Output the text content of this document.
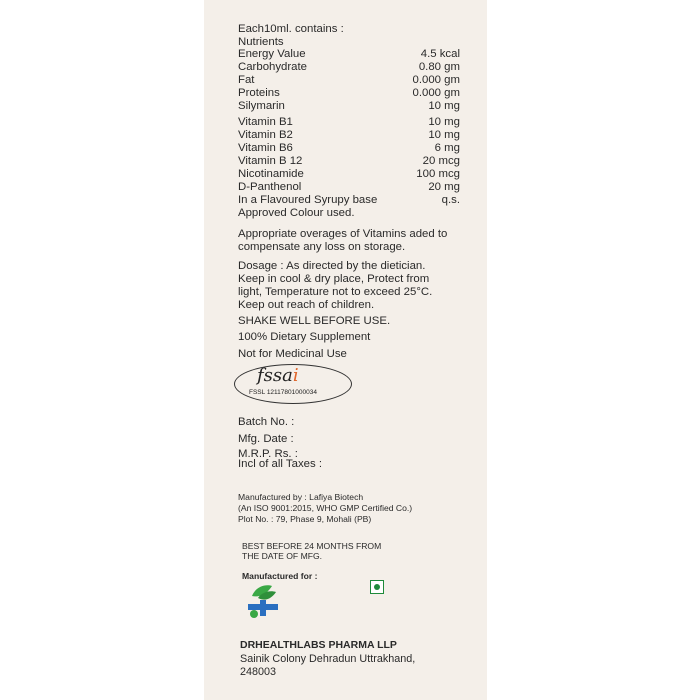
Each10ml. contains :
Nutrients
Energy Value	4.5 kcal
Carbohydrate	0.80 gm
Fat	0.000 gm
Proteins	0.000 gm
Silymarin	10 mg
Vitamin B1	10 mg
Vitamin B2	10 mg
Vitamin B6	6 mg
Vitamin B 12	20 mcg
Nicotinamide	100 mcg
D-Panthenol	20 mg
In a Flavoured Syrupy base	q.s.
Approved Colour used.
Appropriate overages of Vitamins aded to
compensate any loss on storage.
Dosage : As directed by the dietician.
Keep in cool & dry place, Protect from
light, Temperature not to exceed 25°C.
Keep out reach of children.
SHAKE WELL BEFORE USE.
100% Dietary Supplement
Not for Medicinal Use
Batch No. :
Mfg. Date :
M.R.P. Rs. :
Incl of all Taxes :
Manufactured by : Lafiya Biotech
(An ISO 9001:2015, WHO GMP Certified Co.)
Plot No. : 79, Phase 9, Mohali (PB)
BEST BEFORE 24 MONTHS FROM
THE DATE OF MFG.
Manufactured for :
DRHEALTHLABS PHARMA LLP
Sainik Colony Dehradun Uttrakhand,
248003
fssai
FSSL 12117801000034
